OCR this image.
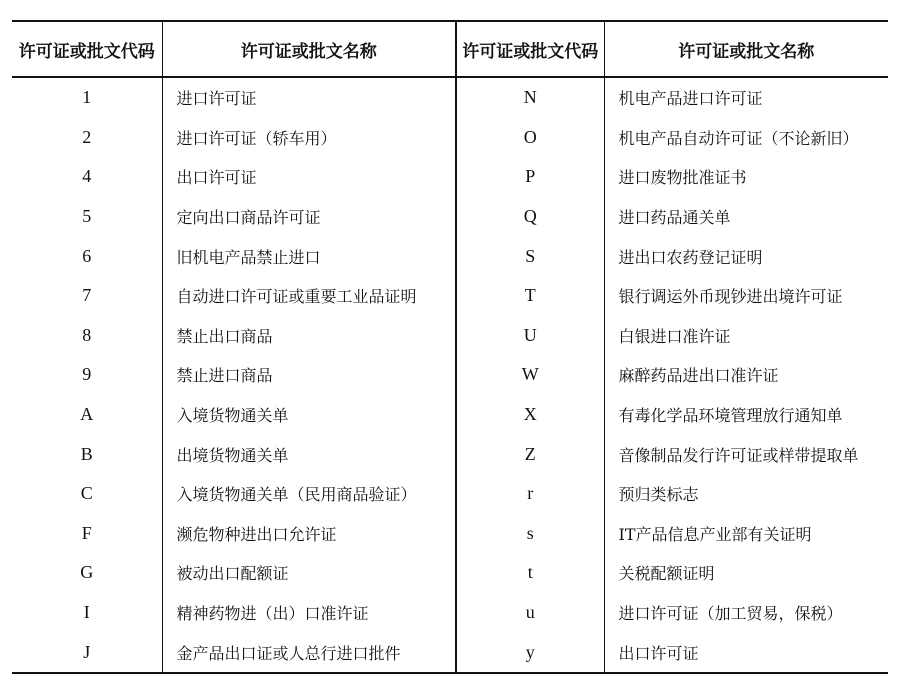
许可证或批文代码	许可证或批文名称	许可证或批文代码	许可证或批文名称
1	进口许可证	N	机电产品进口许可证
2	进口许可证（轿车用）	O	机电产品自动许可证（不论新旧）
4	出口许可证	P	进口废物批准证书
5	定向出口商品许可证	Q	进口药品通关单
6	旧机电产品禁止进口	S	进出口农药登记证明
7	自动进口许可证或重要工业品证明	T	银行调运外币现钞进出境许可证
8	禁止出口商品	U	白银进口准许证
9	禁止进口商品	W	麻醉药品进出口准许证
A	入境货物通关单	X	有毒化学品环境管理放行通知单
B	出境货物通关单	Z	音像制品发行许可证或样带提取单
C	入境货物通关单（民用商品验证）	r	预归类标志
F	濒危物种进出口允许证	s	IT产品信息产业部有关证明
G	被动出口配额证	t	关税配额证明
I	精神药物进（出）口准许证	u	进口许可证（加工贸易，保税）
J	金产品出口证或人总行进口批件	y	出口许可证
